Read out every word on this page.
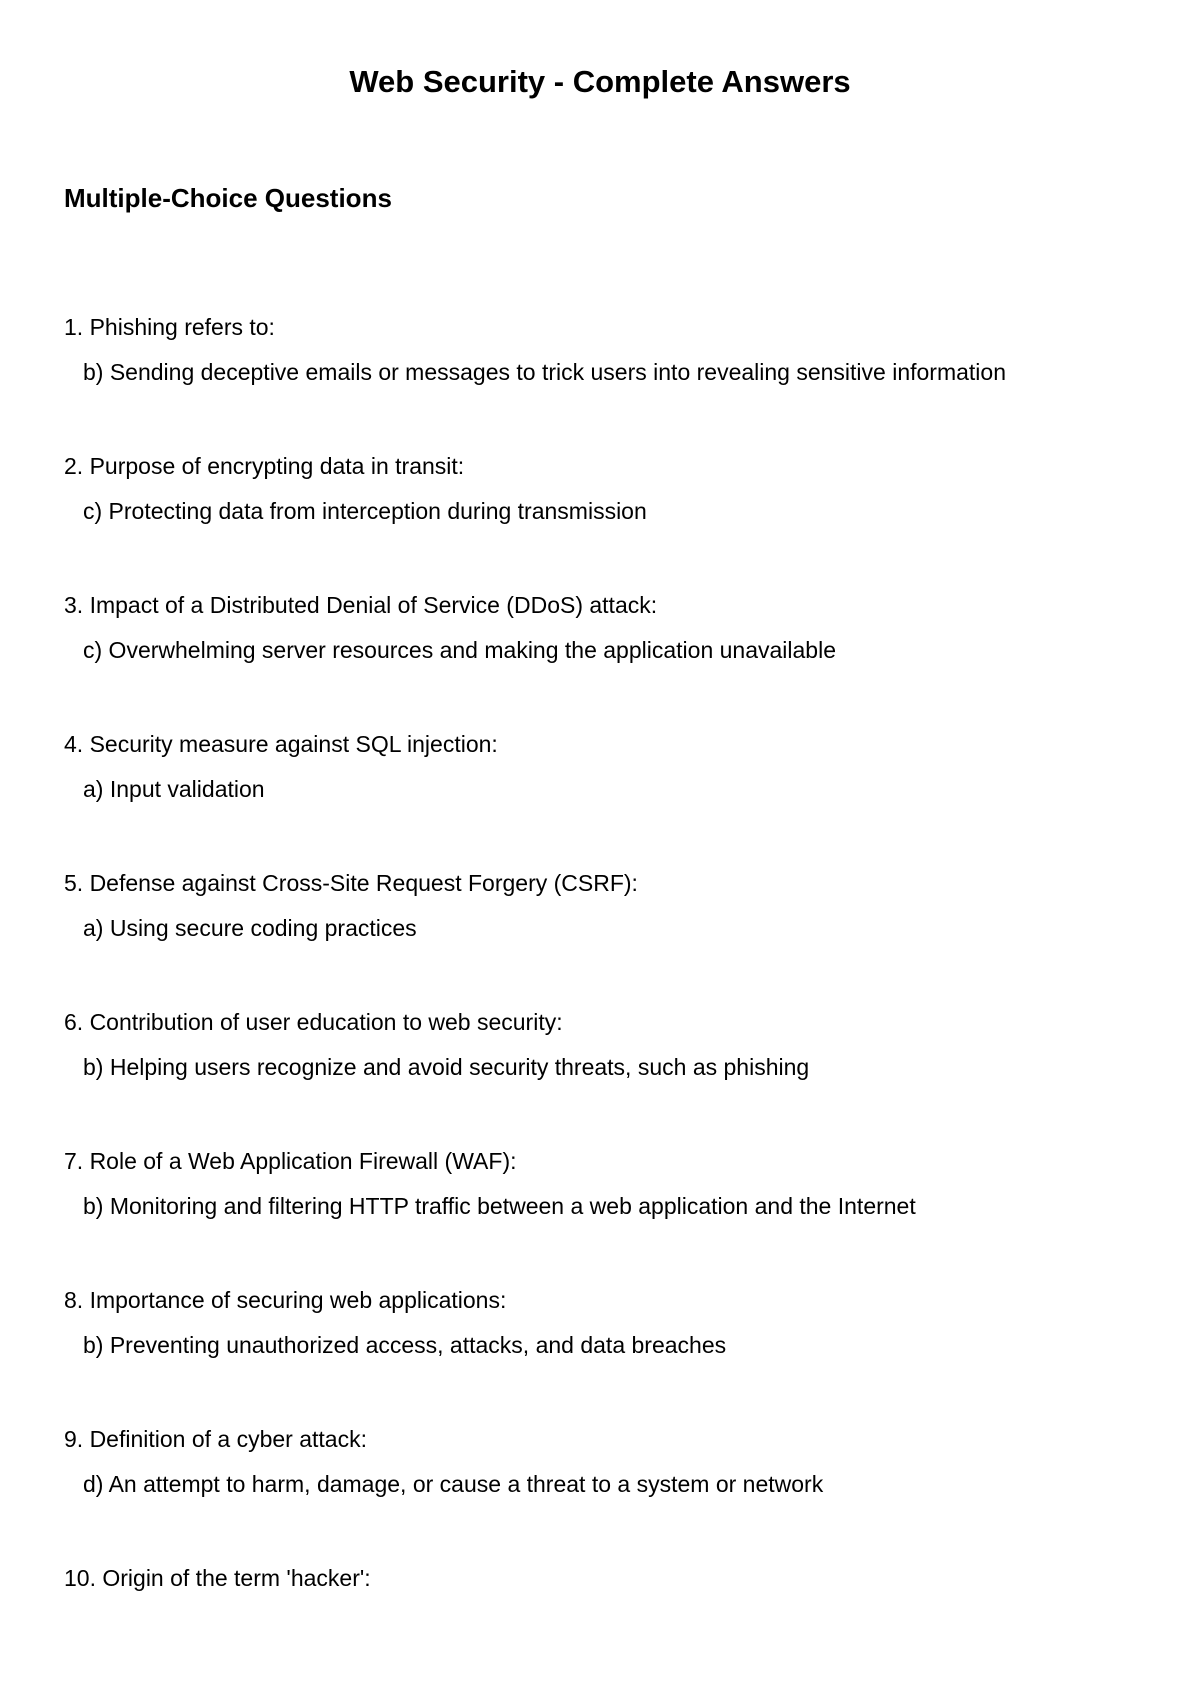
Web Security - Complete Answers
Multiple-Choice Questions

1. Phishing refers to:

b) Sending deceptive emails or messages to trick users into revealing sensitive information

2. Purpose of encrypting data in transit:

c) Protecting data from interception during transmission

3. Impact of a Distributed Denial of Service (DDoS) attack:

c) Overwhelming server resources and making the application unavailable

4. Security measure against SQL injection:

a) Input validation

5. Defense against Cross-Site Request Forgery (CSRF):

a) Using secure coding practices

6. Contribution of user education to web security:

b) Helping users recognize and avoid security threats, such as phishing

7. Role of a Web Application Firewall (WAF):

b) Monitoring and filtering HTTP traffic between a web application and the Internet

8. Importance of securing web applications:

b) Preventing unauthorized access, attacks, and data breaches

9. Definition of a cyber attack:

d) An attempt to harm, damage, or cause a threat to a system or network

10. Origin of the term 'hacker':
